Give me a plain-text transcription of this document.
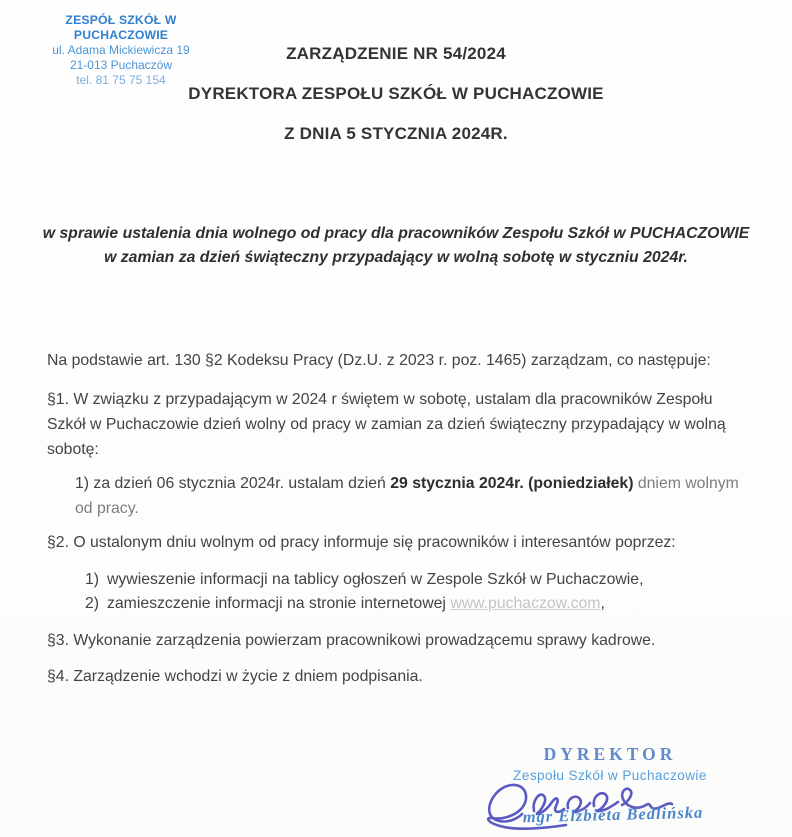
ZESPÓŁ SZKÓŁ W PUCHACZOWIE
ul. Adama Mickiewicza 19
21-013 Puchaczów
tel. 81 75 75 154
ZARZĄDZENIE NR 54/2024
DYREKTORA ZESPOŁU SZKÓŁ W PUCHACZOWIE
Z DNIA 5 STYCZNIA 2024R.
w sprawie ustalenia dnia wolnego od pracy dla pracowników Zespołu Szkół w PUCHACZOWIE
w zamian za dzień świąteczny przypadający w wolną sobotę w styczniu 2024r.

Na podstawie art. 130 §2 Kodeksu Pracy (Dz.U. z 2023 r. poz. 1465) zarządzam, co następuje:

§1. W związku z przypadającym w 2024 r świętem w sobotę, ustalam dla pracowników Zespołu Szkół w Puchaczowie dzień wolny od pracy w zamian za dzień świąteczny przypadający w wolną sobotę:

1) za dzień 06 stycznia 2024r. ustalam dzień 29 stycznia 2024r. (poniedziałek) dniem wolnym od pracy.

§2. O ustalonym dniu wolnym od pracy informuje się pracowników i interesantów poprzez:

1) wywieszenie informacji na tablicy ogłoszeń w Zespole Szkół w Puchaczowie,
2) zamieszczenie informacji na stronie internetowej www.puchaczow.com,

§3. Wykonanie zarządzenia powierzam pracownikowi prowadzącemu sprawy kadrowe.

§4. Zarządzenie wchodzi w życie z dniem podpisania.

DYREKTOR
Zespołu Szkół w Puchaczowie
mgr Elżbieta Bedlińska
